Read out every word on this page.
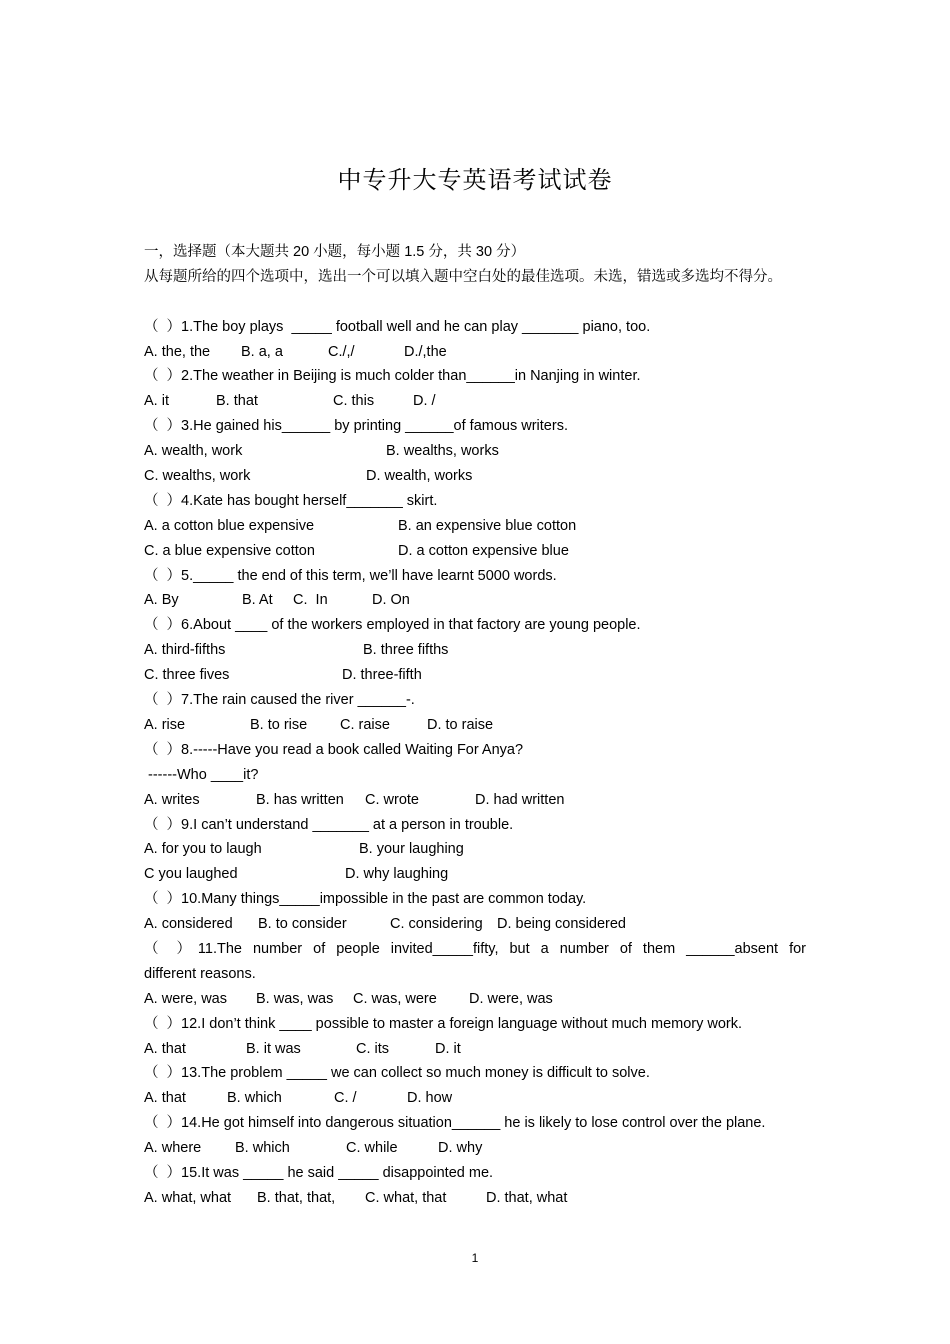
中专升大专英语考试试卷
一，选择题（本大题共 20 小题，每小题 1.5 分，共 30 分）
从每题所给的四个选项中，选出一个可以填入题中空白处的最佳选项。未选，错选或多选均不得分。
（  ）1.The boy plays  _____ football well and he can play _______ piano, too.

A. the, the

B. a, a

	C./,/

	D./,the

（  ）2.The weather in Beijing is much colder than______in Nanjing in winter.

A. it

	B. that

	C. this

	D. /

（  ）3.He gained his______ by printing ______of famous writers.

A. wealth, work

	B. wealths, works

C. wealths, work

	D. wealth, works

（  ）4.Kate has bought herself_______ skirt.

A. a cotton blue expensive

	B. an expensive blue cotton

C. a blue expensive cotton

	D. a cotton expensive blue

（  ）5._____ the end of this term, we’ll have learnt 5000 words.

A. By

	B. At

C.  In

	D. On

（  ）6.About ____ of the workers employed in that factory are young people.

A. third-fifths

	B. three fifths

C. three fives

	D. three-fifth

（  ）7.The rain caused the river ______-.

A. rise

	B. to rise

C. raise

	D. to raise

（  ）8.-----Have you read a book called Waiting For Anya?
------Who ____it?

A. writes

	B. has written

C. wrote

	D. had written

（  ）9.I can’t understand _______ at a person in trouble.

A. for you to laugh

	B. your laughing

C you laughed

	D. why laughing

（  ）10.Many things_____impossible in the past are common today.

A. considered

B. to consider

	C. considering

D. being considered

（ ）11.The number of people invited_____fifty, but a number of them ______absent for
different reasons.

A. were, was

B. was, was

C. was, were

D. were, was

（  ）12.I don’t think ____ possible to master a foreign language without much memory work.

A. that

	B. it was

	C. its

	D. it

（  ）13.The problem _____ we can collect so much money is difficult to solve.

A. that

	B. which

	C. /

	D. how

（  ）14.He got himself into dangerous situation______ he is likely to lose control over the plane.

A. where

B. which

	C. while

	D. why

（  ）15.It was _____ he said _____ disappointed me.

A. what, what

B. that, that,

C. what, that

	D. that, what

1
